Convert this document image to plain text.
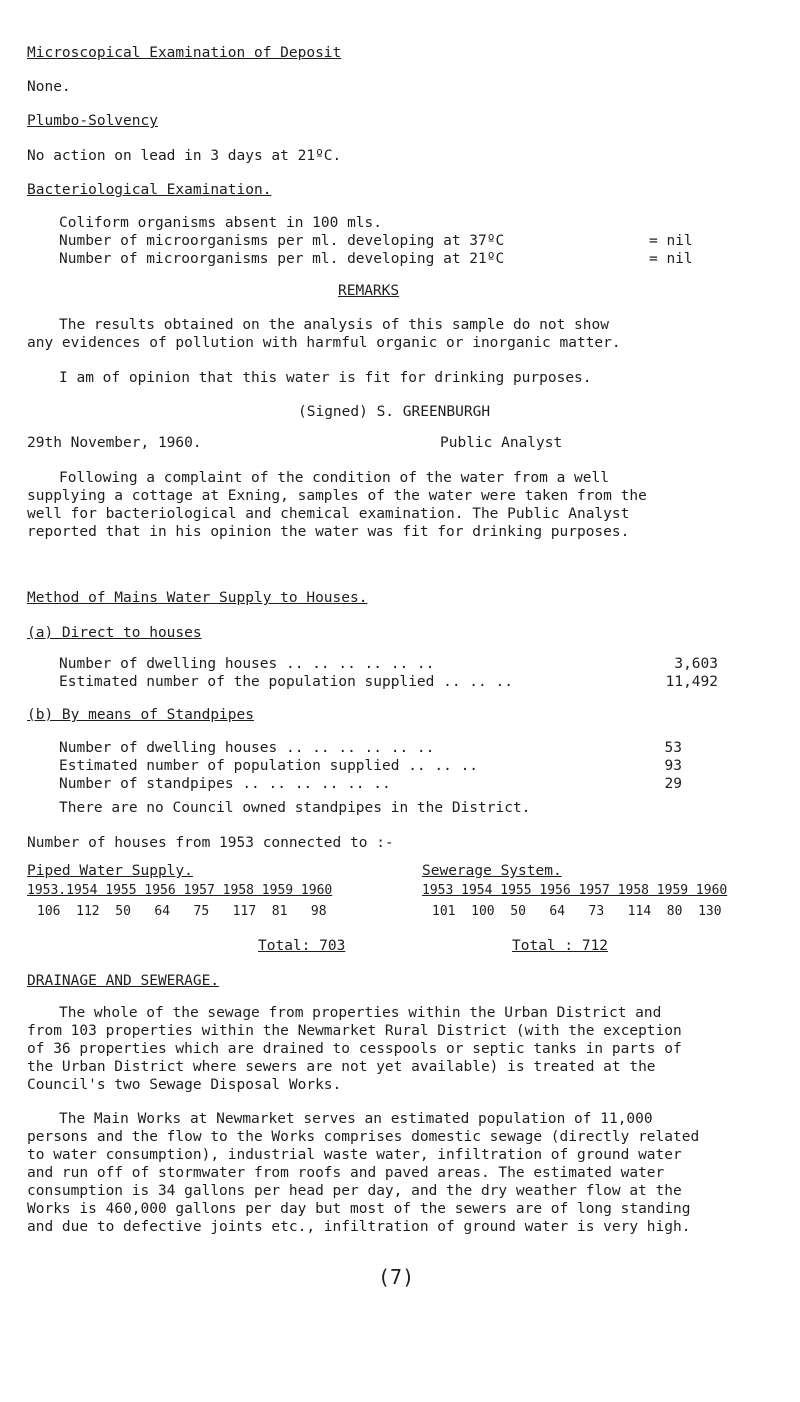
Microscopical Examination of Deposit
None.
Plumbo-Solvency
No action on lead in 3 days at 21ºC.
Bacteriological Examination.
Coliform organisms absent in 100 mls.
Number of microorganisms per ml. developing at 37ºC	= nil
Number of microorganisms per ml. developing at 21ºC	= nil
REMARKS
The results obtained on the analysis of this sample do not show
any evidences of pollution with harmful organic or inorganic matter.
I am of opinion that this water is fit for drinking purposes.
(Signed) S. GREENBURGH
29th November, 1960.	Public Analyst
Following a complaint of the condition of the water from a well
supplying a cottage at Exning, samples of the water were taken from the
well for bacteriological and chemical examination. The Public Analyst
reported that in his opinion the water was fit for drinking purposes.
Method of Mains Water Supply to Houses.
(a) Direct to houses
Number of dwelling houses .. .. .. .. .. ..	3,603
Estimated number of the population supplied .. .. ..	11,492
(b) By means of Standpipes
Number of dwelling houses .. .. .. .. .. ..	53
Estimated number of population supplied .. .. ..	93
Number of standpipes .. .. .. .. .. ..	29
There are no Council owned standpipes in the District.
Number of houses from 1953 connected to :-
Piped Water Supply.	Sewerage System.
1953.1954 1955 1956 1957 1958 1959 1960	1953 1954 1955 1956 1957 1958 1959 1960
106  112  50   64   75   117  81   98	101  100  50   64   73   114  80  130
Total: 703	Total : 712
DRAINAGE AND SEWERAGE.
The whole of the sewage from properties within the Urban District and
from 103 properties within the Newmarket Rural District (with the exception
of 36 properties which are drained to cesspools or septic tanks in parts of
the Urban District where sewers are not yet available) is treated at the
Council's two Sewage Disposal Works.
The Main Works at Newmarket serves an estimated population of 11,000
persons and the flow to the Works comprises domestic sewage (directly related
to water consumption), industrial waste water, infiltration of ground water
and run off of stormwater from roofs and paved areas. The estimated water
consumption is 34 gallons per head per day, and the dry weather flow at the
Works is 460,000 gallons per day but most of the sewers are of long standing
and due to defective joints etc., infiltration of ground water is very high.
(7)
